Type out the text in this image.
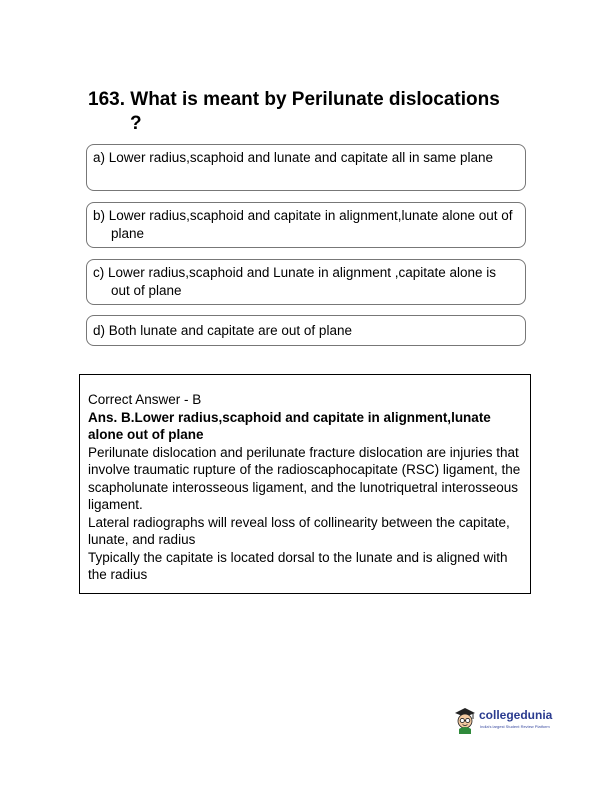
163. What is meant by Perilunate dislocations
?
a) Lower radius,scaphoid and lunate and capitate all in same plane
b) Lower radius,scaphoid and capitate in alignment,lunate alone out of plane
c) Lower radius,scaphoid and Lunate in alignment ,capitate alone is out of plane
d) Both lunate and capitate are out of plane

Correct Answer - B

Ans. B.Lower radius,scaphoid and capitate in alignment,lunate alone out of plane

Perilunate dislocation and perilunate fracture dislocation are injuries that involve traumatic rupture of the radioscaphocapitate (RSC) ligament, the scapholunate interosseous ligament, and the lunotriquetral interosseous ligament.

Lateral radiographs will reveal loss of collinearity between the capitate, lunate, and radius

Typically the capitate is located dorsal to the lunate and is aligned with the radius

collegedunia
India's largest Student Review Platform
